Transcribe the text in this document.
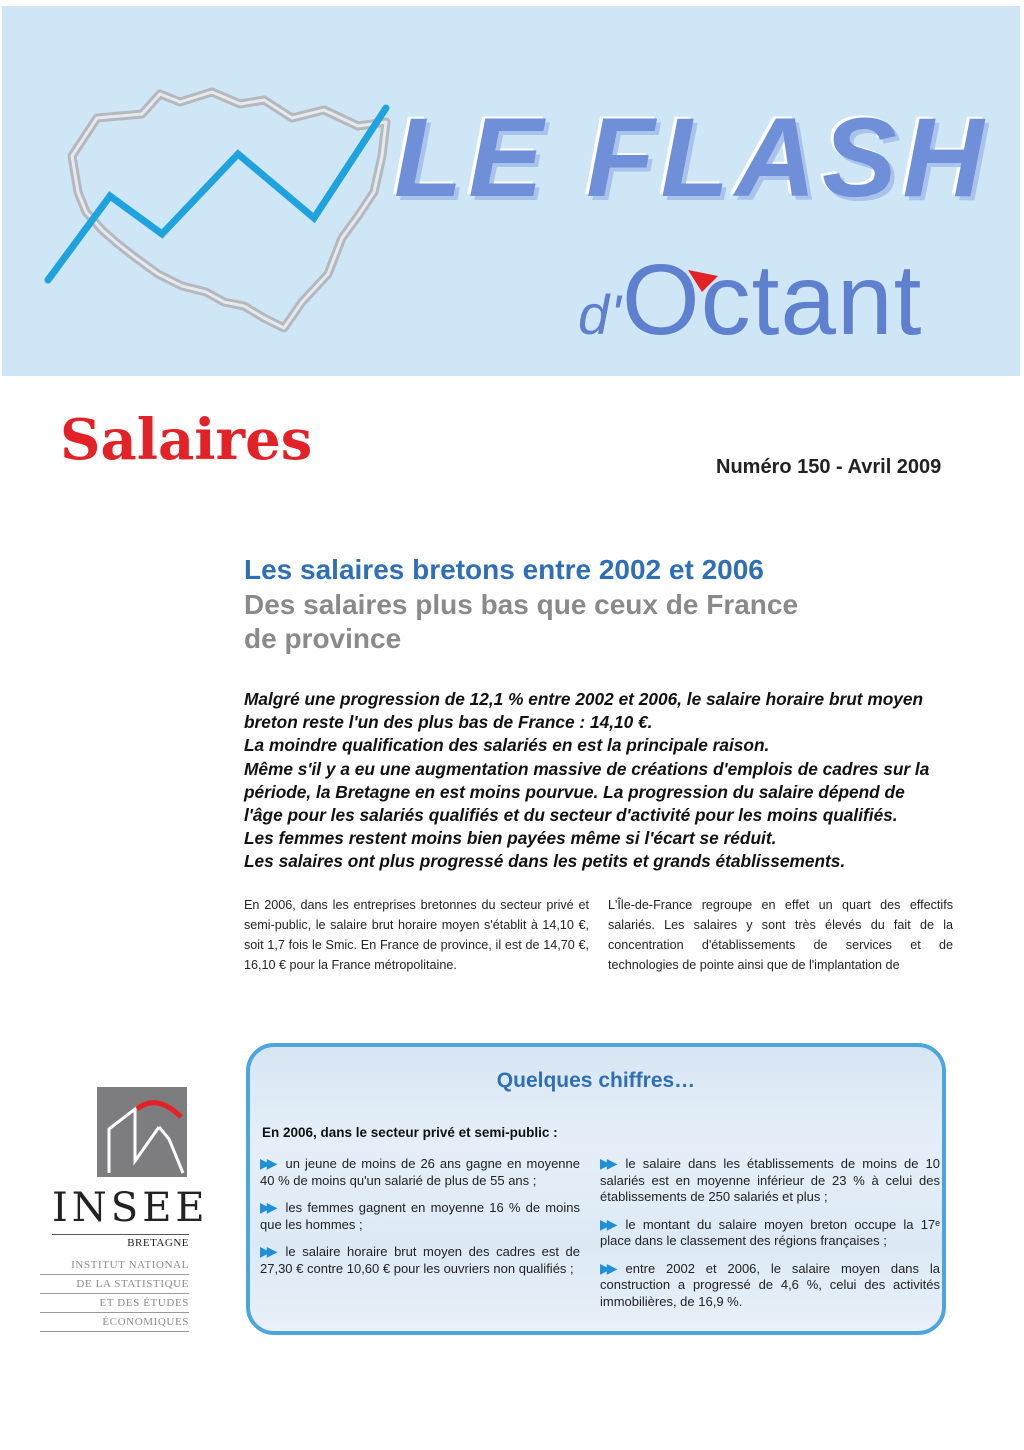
LE FLASH
d'Octant
Salaires	Numéro 150 - Avril 2009
Les salaires bretons entre 2002 et 2006
Des salaires plus bas que ceux de France de province

Malgré une progression de 12,1 % entre 2002 et 2006, le salaire horaire brut moyen breton reste l'un des plus bas de France : 14,10 €.

La moindre qualification des salariés en est la principale raison.

Même s'il y a eu une augmentation massive de créations d'emplois de cadres sur la période, la Bretagne en est moins pourvue. La progression du salaire dépend de l'âge pour les salariés qualifiés et du secteur d'activité pour les moins qualifiés.

Les femmes restent moins bien payées même si l'écart se réduit.

Les salaires ont plus progressé dans les petits et grands établissements.

En 2006, dans les entreprises bretonnes du secteur privé et semi-public, le salaire brut horaire moyen s'établit à 14,10 €, soit 1,7 fois le Smic. En France de province, il est de 14,70 €, 16,10 € pour la France métropolitaine.

L'Île-de-France regroupe en effet un quart des effectifs salariés. Les salaires y sont très élevés du fait de la concentration d'établissements de services et de technologies de pointe ainsi que de l'implantation de

Quelques chiffres…
En 2006, dans le secteur privé et semi-public :
▶▶ un jeune de moins de 26 ans gagne en moyenne 40 % de moins qu'un salarié de plus de 55 ans ;
▶▶ les femmes gagnent en moyenne 16 % de moins que les hommes ;
▶▶ le salaire horaire brut moyen des cadres est de 27,30 € contre 10,60 € pour les ouvriers non qualifiés ;
▶▶ le salaire dans les établissements de moins de 10 salariés est en moyenne inférieur de 23 % à celui des établissements de 250 salariés et plus ;
▶▶ le montant du salaire moyen breton occupe la 17ᵉ place dans le classement des régions françaises ;
▶▶ entre 2002 et 2006, le salaire moyen dans la construction a progressé de 4,6 %, celui des activités immobilières, de 16,9 %.
INSEE
BRETAGNE
INSTITUT NATIONAL
DE LA STATISTIQUE
ET DES ÉTUDES
ÉCONOMIQUES
